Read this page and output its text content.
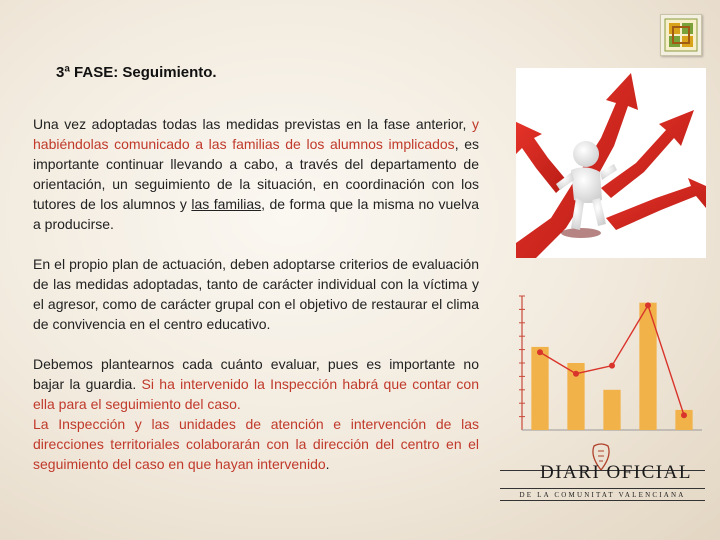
3ª FASE: Seguimiento.

Una vez adoptadas todas las medidas previstas en la fase anterior, y habiéndolas comunicado a las familias de los alumnos implicados, es importante continuar llevando a cabo, a través del departamento de orientación, un seguimiento de la situación, en coordinación con los tutores de los alumnos y las familias, de forma que la misma no vuelva a producirse.

En el propio plan de actuación, deben adoptarse criterios de evaluación de las medidas adoptadas, tanto de carácter individual con la víctima y el agresor, como de carácter grupal con el objetivo de restaurar el clima de convivencia en el centro educativo.

Debemos plantearnos cada cuánto evaluar, pues es importante no bajar la guardia. Si ha intervenido la Inspección habrá que contar con ella para el seguimiento del caso.
La Inspección y las unidades de atención e intervención de las direcciones territoriales colaborarán con la dirección del centro en el seguimiento del caso en que hayan intervenido.	DIARI OFICIAL
DE LA COMUNITAT VALENCIANA
